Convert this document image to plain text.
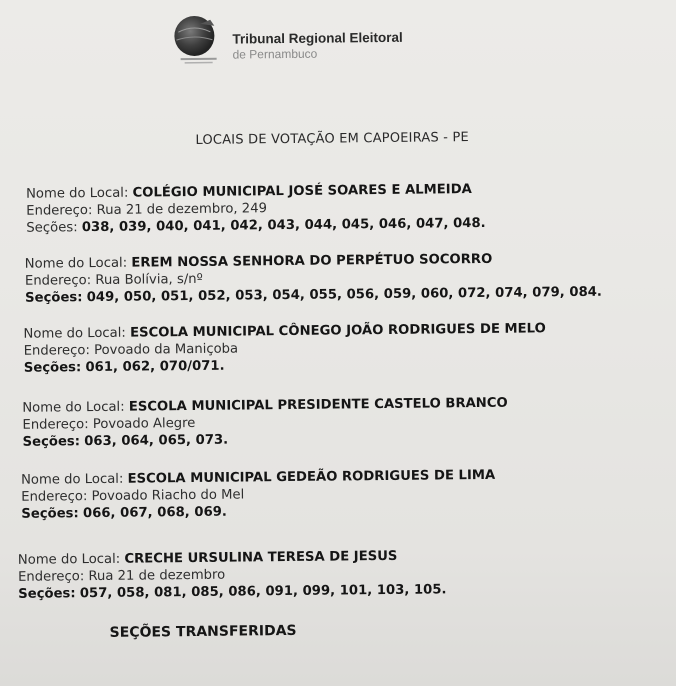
Tribunal Regional Eleitoral
de Pernambuco
LOCAIS DE VOTAÇÃO EM CAPOEIRAS - PE
Nome do Local: COLÉGIO MUNICIPAL JOSÉ SOARES E ALMEIDA
Endereço: Rua 21 de dezembro, 249
Seções: 038, 039, 040, 041, 042, 043, 044, 045, 046, 047, 048.
Nome do Local: EREM NOSSA SENHORA DO PERPÉTUO SOCORRO
Endereço: Rua Bolívia, s/nº
Seções: 049, 050, 051, 052, 053, 054, 055, 056, 059, 060, 072, 074, 079, 084.
Nome do Local: ESCOLA MUNICIPAL CÔNEGO JOÃO RODRIGUES DE MELO
Endereço: Povoado da Maniçoba
Seções: 061, 062, 070/071.
Nome do Local: ESCOLA MUNICIPAL PRESIDENTE CASTELO BRANCO
Endereço: Povoado Alegre
Seções: 063, 064, 065, 073.
Nome do Local: ESCOLA MUNICIPAL GEDEÃO RODRIGUES DE LIMA
Endereço: Povoado Riacho do Mel
Seções: 066, 067, 068, 069.
Nome do Local: CRECHE URSULINA TERESA DE JESUS
Endereço: Rua 21 de dezembro
Seções: 057, 058, 081, 085, 086, 091, 099, 101, 103, 105.
SEÇÕES TRANSFERIDAS
